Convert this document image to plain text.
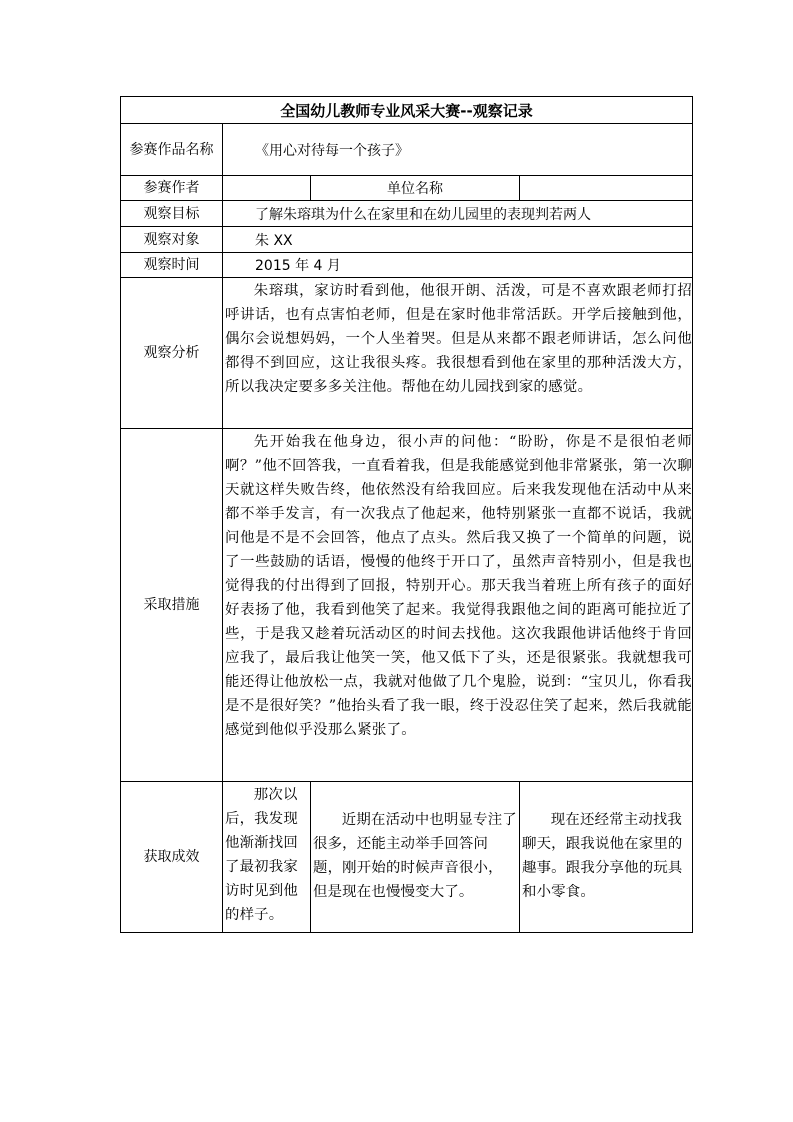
全国幼儿教师专业风采大赛--观察记录			
参赛作品名称	《用心对待每一个孩子》		
参赛作者		单位名称	
观察目标	了解朱瑢琪为什么在家里和在幼儿园里的表现判若两人		
观察对象	朱 XX		
观察时间	2015 年 4 月		
观察分析	朱瑢琪，家访时看到他，他很开朗、活泼，可是不喜欢跟老师打招呼讲话，也有点害怕老师，但是在家时他非常活跃。开学后接触到他，偶尔会说想妈妈，一个人坐着哭。但是从来都不跟老师讲话，怎么问他都得不到回应，这让我很头疼。我很想看到他在家里的那种活泼大方，所以我决定要多多关注他。帮他在幼儿园找到家的感觉。		
采取措施	先开始我在他身边，很小声的问他：“盼盼，你是不是很怕老师啊？”他不回答我，一直看着我，但是我能感觉到他非常紧张，第一次聊天就这样失败告终，他依然没有给我回应。后来我发现他在活动中从来都不举手发言，有一次我点了他起来，他特别紧张一直都不说话，我就问他是不是不会回答，他点了点头。然后我又换了一个简单的问题，说了一些鼓励的话语，慢慢的他终于开口了，虽然声音特别小，但是我也觉得我的付出得到了回报，特别开心。那天我当着班上所有孩子的面好好表扬了他，我看到他笑了起来。我觉得我跟他之间的距离可能拉近了些，于是我又趁着玩活动区的时间去找他。这次我跟他讲话他终于肯回应我了，最后我让他笑一笑，他又低下了头，还是很紧张。我就想我可能还得让他放松一点，我就对他做了几个鬼脸，说到：“宝贝儿，你看我是不是很好笑？”他抬头看了我一眼，终于没忍住笑了起来，然后我就能感觉到他似乎没那么紧张了。		
获取成效	那次以后，我发现他渐渐找回了最初我家访时见到他的样子。	近期在活动中也明显专注了很多，还能主动举手回答问题，刚开始的时候声音很小，但是现在也慢慢变大了。	现在还经常主动找我聊天，跟我说他在家里的趣事。跟我分享他的玩具和小零食。
